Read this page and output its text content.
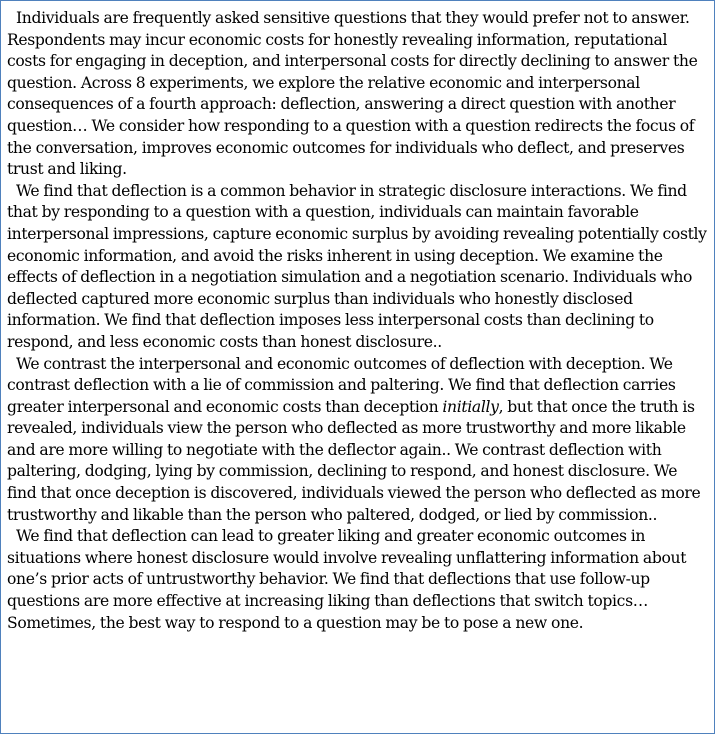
Individuals are frequently asked sensitive questions that they would prefer not to answer. Respondents may incur economic costs for honestly revealing information, reputational costs for engaging in deception, and interpersonal costs for directly declining to answer the question. Across 8 experiments, we explore the relative economic and interpersonal consequences of a fourth approach: deflection, answering a direct question with another question… We consider how responding to a question with a question redirects the focus of the conversation, improves economic outcomes for individuals who deflect, and preserves trust and liking.

We find that deflection is a common behavior in strategic disclosure interactions. We find that by responding to a question with a question, individuals can maintain favorable interpersonal impressions, capture economic surplus by avoiding revealing potentially costly economic information, and avoid the risks inherent in using deception. We examine the effects of deflection in a negotiation simulation and a negotiation scenario. Individuals who deflected captured more economic surplus than individuals who honestly disclosed information. We find that deflection imposes less interpersonal costs than declining to respond, and less economic costs than honest disclosure..

We contrast the interpersonal and economic outcomes of deflection with deception. We contrast deflection with a lie of commission and paltering. We find that deflection carries greater interpersonal and economic costs than deception initially, but that once the truth is revealed, individuals view the person who deflected as more trustworthy and more likable and are more willing to negotiate with the deflector again.. We contrast deflection with paltering, dodging, lying by commission, declining to respond, and honest disclosure. We find that once deception is discovered, individuals viewed the person who deflected as more trustworthy and likable than the person who paltered, dodged, or lied by commission..

We find that deflection can lead to greater liking and greater economic outcomes in situations where honest disclosure would involve revealing unflattering information about one’s prior acts of untrustworthy behavior. We find that deflections that use follow-up questions are more effective at increasing liking than deflections that switch topics… Sometimes, the best way to respond to a question may be to pose a new one.
